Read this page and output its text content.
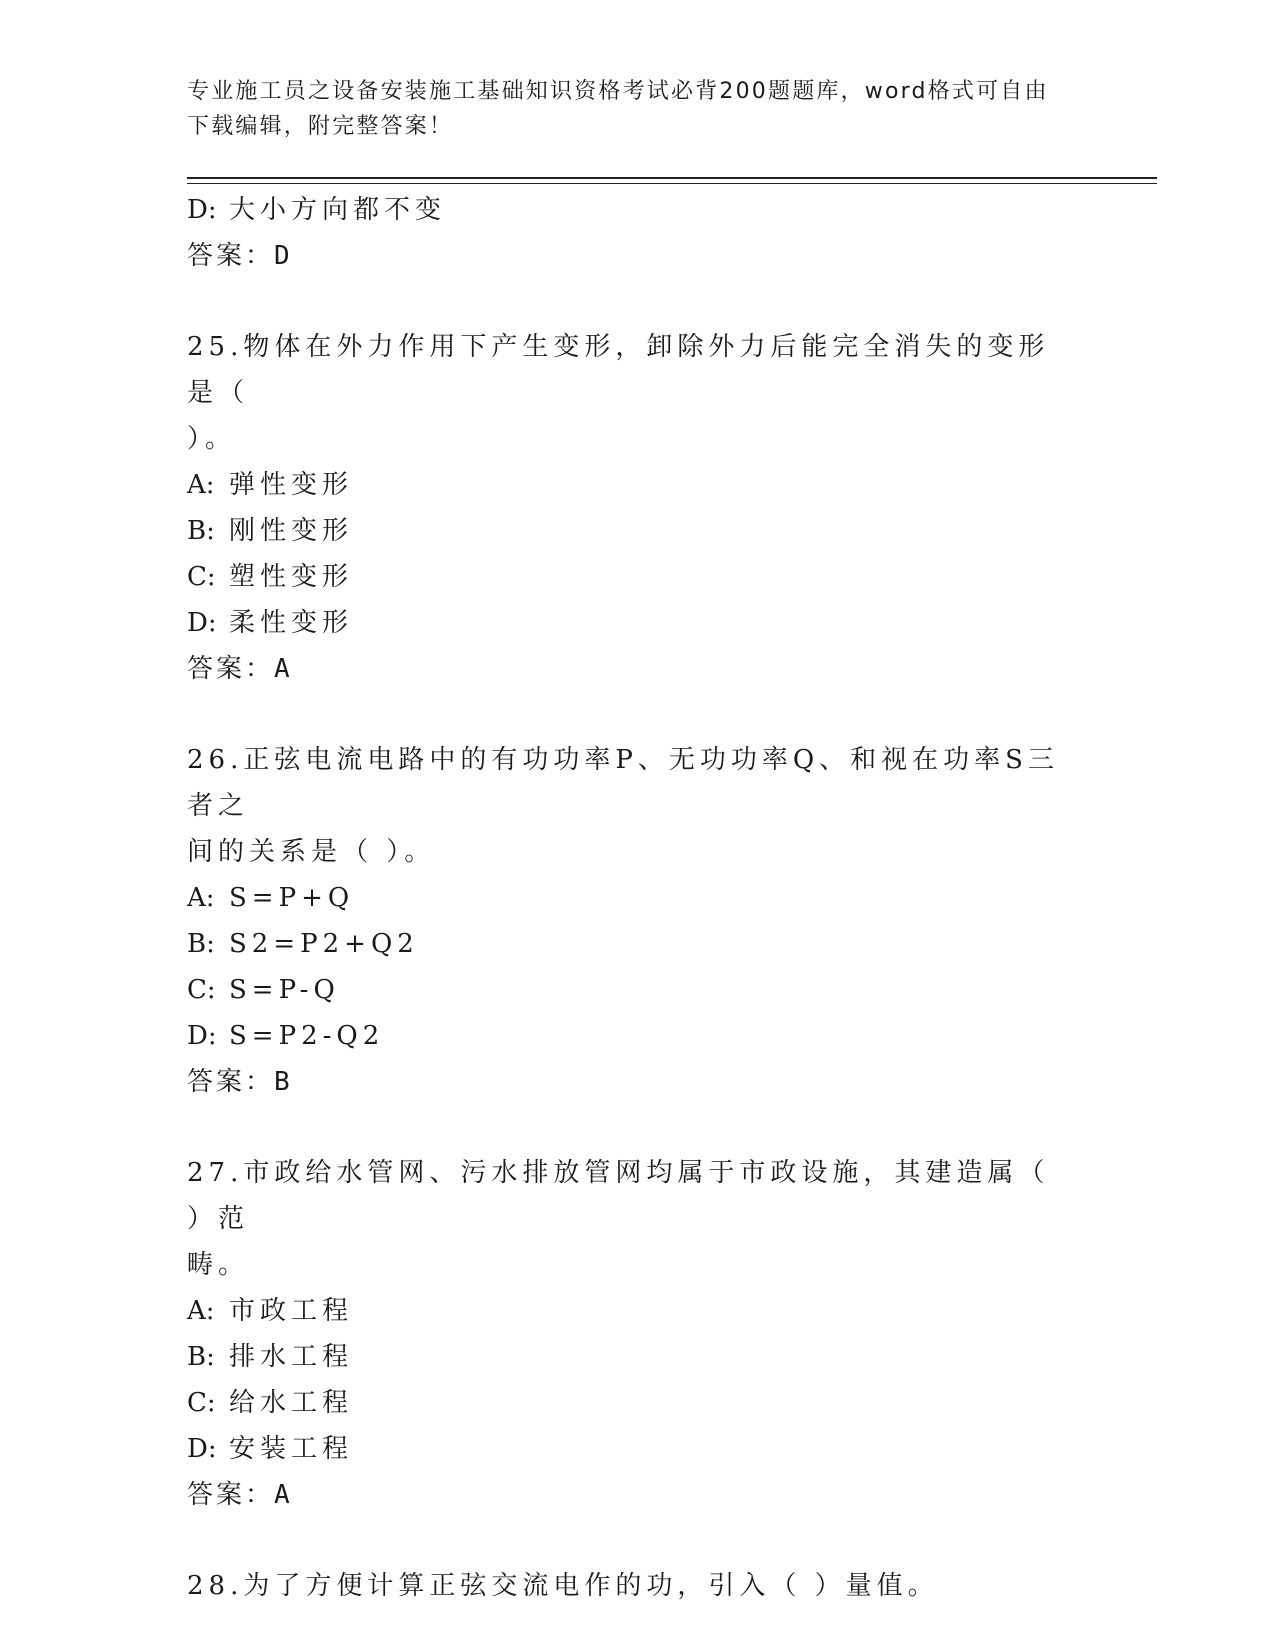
专业施工员之设备安装施工基础知识资格考试必背200题题库，word格式可自由
下载编辑，附完整答案！
D: 大小方向都不变
答案：D
25.物体在外力作用下产生变形，卸除外力后能完全消失的变形是（
）。
A: 弹性变形
B: 刚性变形
C: 塑性变形
D: 柔性变形
答案：A
26.正弦电流电路中的有功功率P、无功功率Q、和视在功率S三者之
间的关系是（ ）。
A: S=P+Q
B: S2=P2+Q2
C: S=P-Q
D: S=P2-Q2
答案：B
27.市政给水管网、污水排放管网均属于市政设施，其建造属（ ）范
畴。
A: 市政工程
B: 排水工程
C: 给水工程
D: 安装工程
答案：A
28.为了方便计算正弦交流电作的功，引入（ ）量值。
